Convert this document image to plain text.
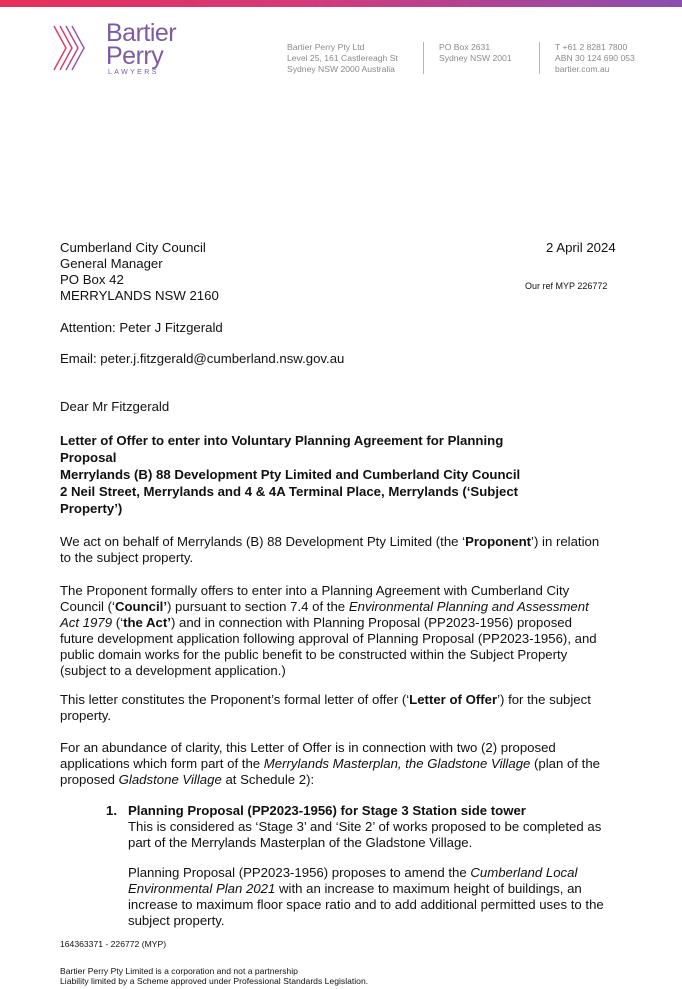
Bartier
Perry
LAWYERS
Bartier Perry Pty Ltd
Level 25, 161 Castlereagh St
Sydney NSW 2000 Australia
PO Box 2631
Sydney NSW 2001
T +61 2 8281 7800
ABN 30 124 690 053
bartier.com.au
Cumberland City Council
General Manager
PO Box 42
MERRYLANDS NSW 2160
2 April 2024
Our ref MYP 226772
Attention: Peter J Fitzgerald
Email: peter.j.fitzgerald@cumberland.nsw.gov.au
Dear Mr Fitzgerald
Letter of Offer to enter into Voluntary Planning Agreement for Planning
Proposal
Merrylands (B) 88 Development Pty Limited and Cumberland City Council
2 Neil Street, Merrylands and 4 & 4A Terminal Place, Merrylands (‘Subject
Property’)
We act on behalf of Merrylands (B) 88 Development Pty Limited (the ‘Proponent’) in relation
to the subject property.
The Proponent formally offers to enter into a Planning Agreement with Cumberland City
Council (‘Council’) pursuant to section 7.4 of the Environmental Planning and Assessment
Act 1979 (‘the Act’) and in connection with Planning Proposal (PP2023-1956) proposed
future development application following approval of Planning Proposal (PP2023-1956), and
public domain works for the public benefit to be constructed within the Subject Property
(subject to a development application.)
This letter constitutes the Proponent’s formal letter of offer (‘Letter of Offer’) for the subject
property.
For an abundance of clarity, this Letter of Offer is in connection with two (2) proposed
applications which form part of the Merrylands Masterplan, the Gladstone Village (plan of the
proposed Gladstone Village at Schedule 2):
1. Planning Proposal (PP2023-1956) for Stage 3 Station side tower
This is considered as ‘Stage 3’ and ‘Site 2’ of works proposed to be completed as
part of the Merrylands Masterplan of the Gladstone Village.
Planning Proposal (PP2023-1956) proposes to amend the Cumberland Local
Environmental Plan 2021 with an increase to maximum height of buildings, an
increase to maximum floor space ratio and to add additional permitted uses to the
subject property.
164363371 - 226772 (MYP)
Bartier Perry Pty Limited is a corporation and not a partnership
Liability limited by a Scheme approved under Professional Standards Legislation.
